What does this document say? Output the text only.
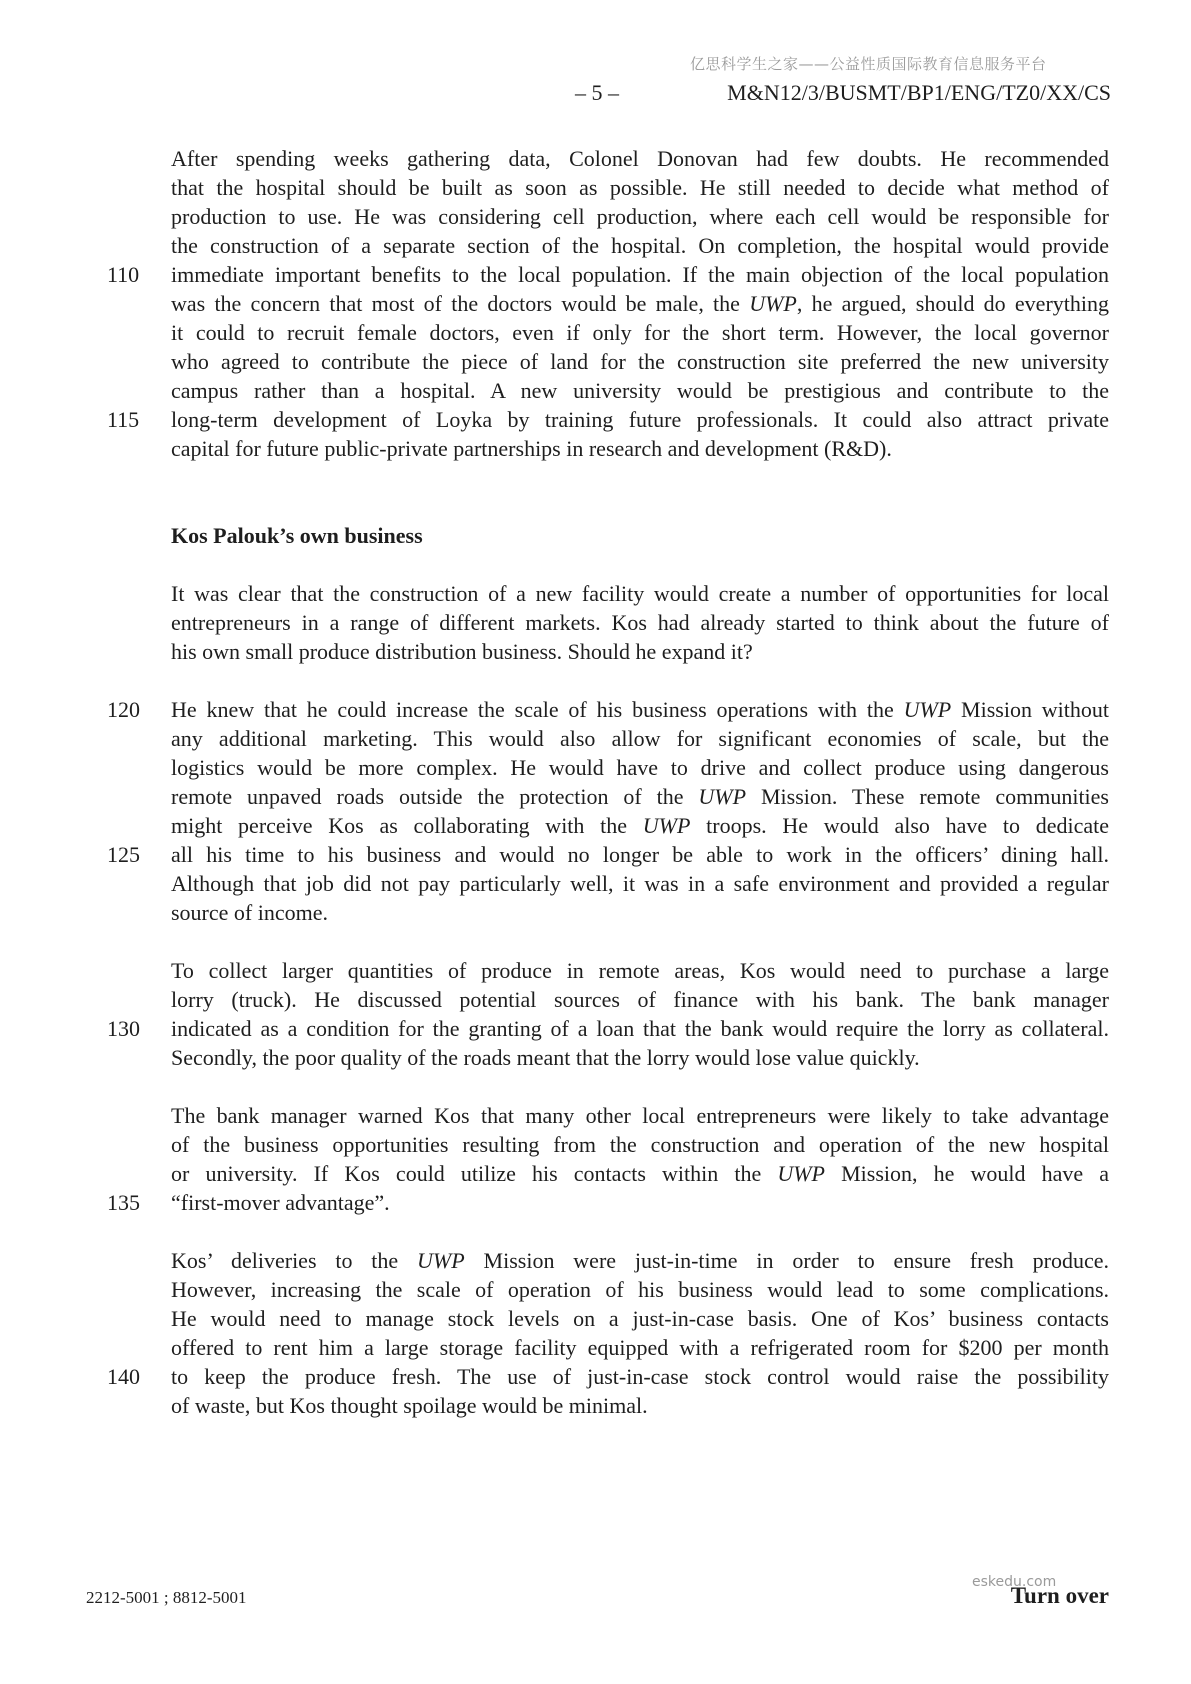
亿思科学生之家——公益性质国际教育信息服务平台
– 5 –	M&N12/3/BUSMT/BP1/ENG/TZ0/XX/CS
After spending weeks gathering data, Colonel Donovan had few doubts. He recommended
that the hospital should be built as soon as possible. He still needed to decide what method of
production to use. He was considering cell production, where each cell would be responsible for
the construction of a separate section of the hospital. On completion, the hospital would provide
110 immediate important benefits to the local population. If the main objection of the local population
was the concern that most of the doctors would be male, the UWP, he argued, should do everything
it could to recruit female doctors, even if only for the short term. However, the local governor
who agreed to contribute the piece of land for the construction site preferred the new university
campus rather than a hospital. A new university would be prestigious and contribute to the
115 long-term development of Loyka by training future professionals. It could also attract private
capital for future public-private partnerships in research and development (R&D).
Kos Palouk’s own business
It was clear that the construction of a new facility would create a number of opportunities for local
entrepreneurs in a range of different markets. Kos had already started to think about the future of
his own small produce distribution business. Should he expand it?
120 He knew that he could increase the scale of his business operations with the UWP Mission without
any additional marketing. This would also allow for significant economies of scale, but the
logistics would be more complex. He would have to drive and collect produce using dangerous
remote unpaved roads outside the protection of the UWP Mission. These remote communities
might perceive Kos as collaborating with the UWP troops. He would also have to dedicate
125 all his time to his business and would no longer be able to work in the officers’ dining hall.
Although that job did not pay particularly well, it was in a safe environment and provided a regular
source of income.
To collect larger quantities of produce in remote areas, Kos would need to purchase a large
lorry (truck). He discussed potential sources of finance with his bank. The bank manager
130 indicated as a condition for the granting of a loan that the bank would require the lorry as collateral.
Secondly, the poor quality of the roads meant that the lorry would lose value quickly.
The bank manager warned Kos that many other local entrepreneurs were likely to take advantage
of the business opportunities resulting from the construction and operation of the new hospital
or university. If Kos could utilize his contacts within the UWP Mission, he would have a
135 “first-mover advantage”.
Kos’ deliveries to the UWP Mission were just-in-time in order to ensure fresh produce.
However, increasing the scale of operation of his business would lead to some complications.
He would need to manage stock levels on a just-in-case basis. One of Kos’ business contacts
offered to rent him a large storage facility equipped with a refrigerated room for $200 per month
140 to keep the produce fresh. The use of just-in-case stock control would raise the possibility
of waste, but Kos thought spoilage would be minimal.
2212-5001 ; 8812-5001
eskedu.com
Turn over
